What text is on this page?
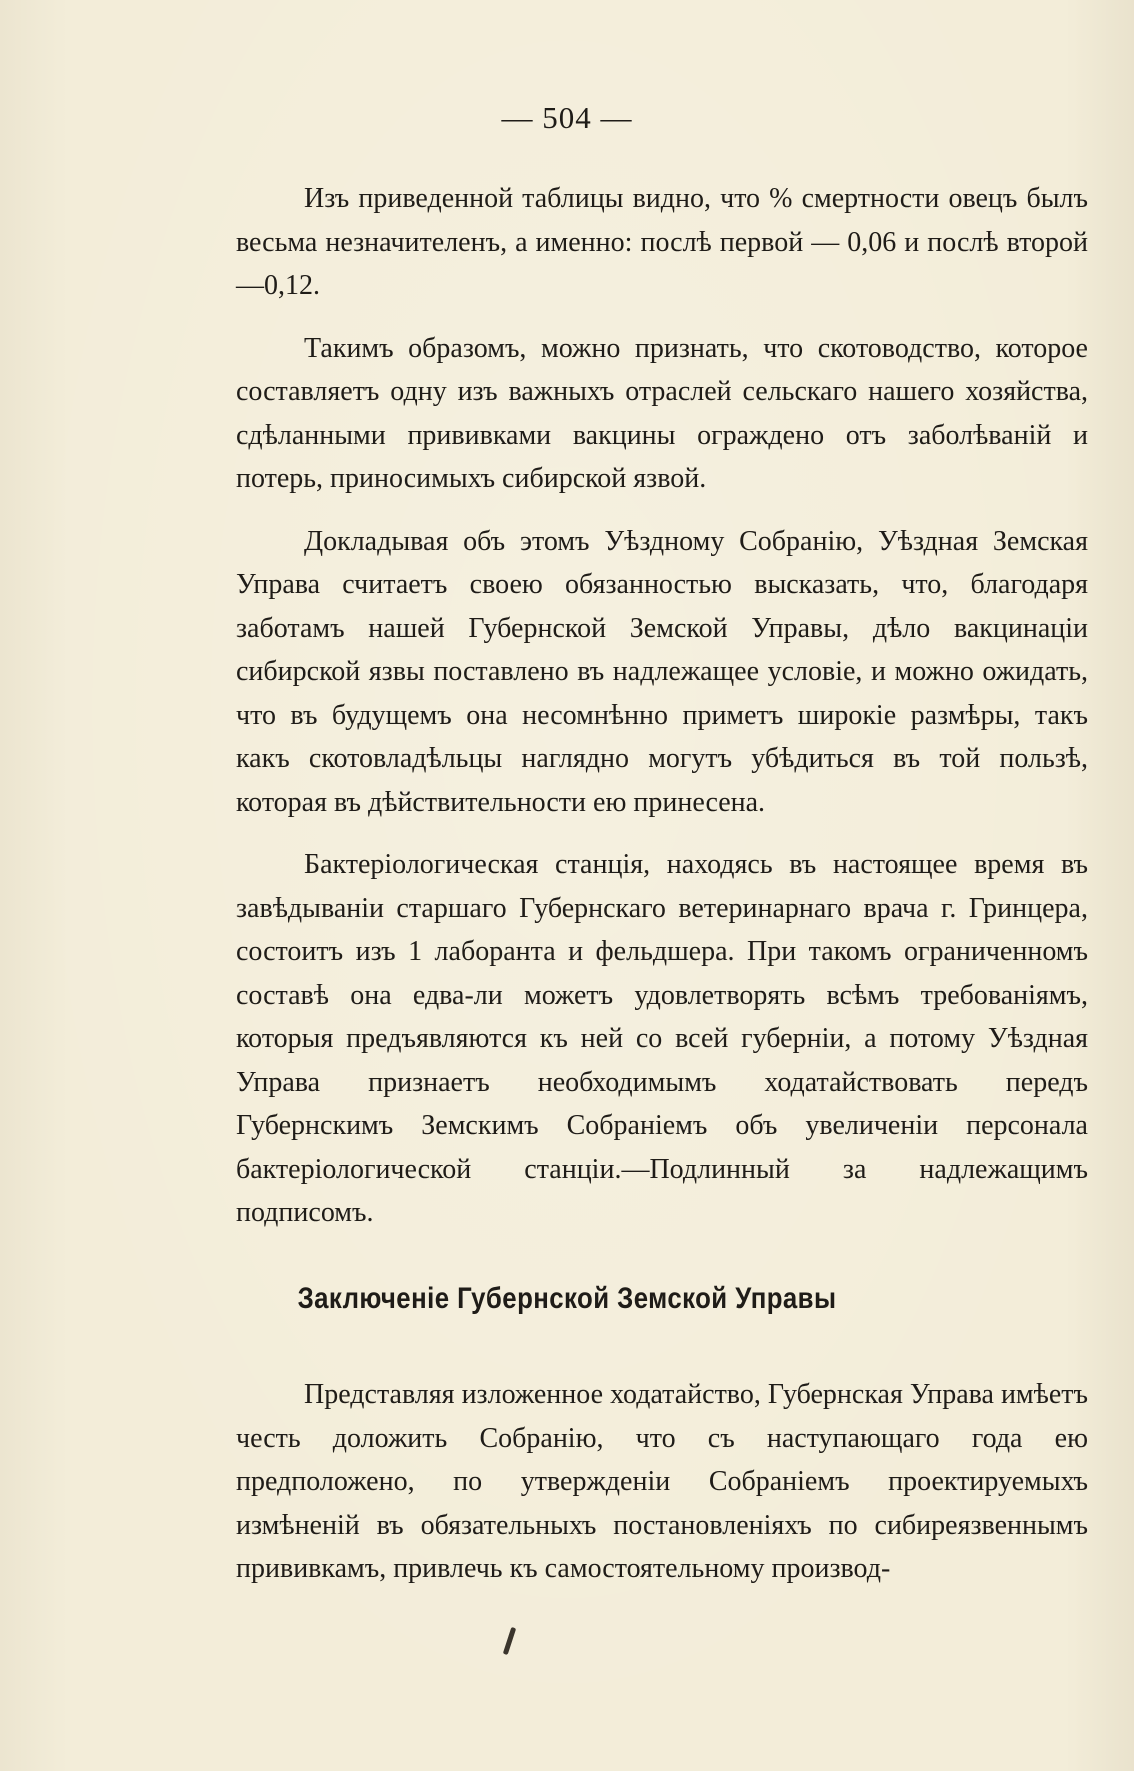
— 504 —

Изъ приведенной таблицы видно, что % смертности овецъ былъ весьма незначителенъ, а именно: послѣ первой — 0,06 и послѣ второй—0,12.

Такимъ образомъ, можно признать, что скотоводство, которое составляетъ одну изъ важныхъ отраслей сельскаго нашего хозяйства, сдѣланными прививками вакцины ограждено отъ заболѣваній и потерь, приносимыхъ сибирской язвой.

Докладывая объ этомъ Уѣздному Собранію, Уѣздная Земская Управа считаетъ своею обязанностью высказать, что, благодаря заботамъ нашей Губернской Земской Управы, дѣло вакцинаціи сибирской язвы поставлено въ надлежащее условіе, и можно ожидать, что въ будущемъ она несомнѣнно приметъ широкіе размѣры, такъ какъ скотовладѣльцы наглядно могутъ убѣдиться въ той пользѣ, которая въ дѣйствительности ею принесена.

Бактеріологическая станція, находясь въ настоящее время въ завѣдываніи старшаго Губернскаго ветеринарнаго врача г. Гринцера, состоитъ изъ 1 лаборанта и фельдшера. При такомъ ограниченномъ составѣ она едва-ли можетъ удовлетворять всѣмъ требованіямъ, которыя предъявляются къ ней со всей губерніи, а потому Уѣздная Управа признаетъ необходимымъ ходатайствовать передъ Губернскимъ Земскимъ Собраніемъ объ увеличеніи персонала бактеріологической станціи.—Подлинный за надлежащимъ подписомъ.

Заключеніе Губернской Земской Управы

Представляя изложенное ходатайство, Губернская Управа имѣетъ честь доложить Собранію, что съ наступающаго года ею предположено, по утвержденіи Собраніемъ проектируемыхъ измѣненій въ обязательныхъ постановленіяхъ по сибиреязвеннымъ прививкамъ, привлечь къ самостоятельному производ-
